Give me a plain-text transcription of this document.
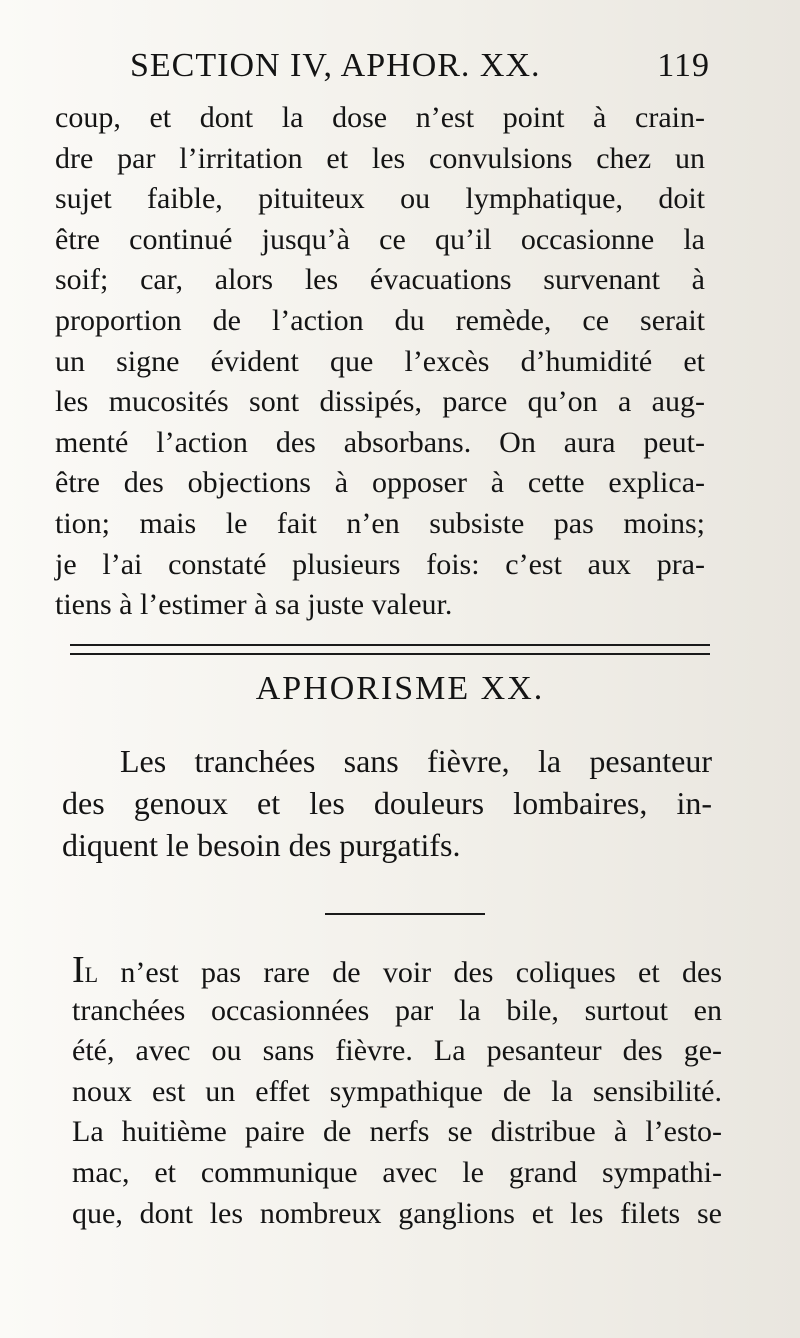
SECTION IV, APHOR. XX.	119
coup, et dont la dose n’est point à crain-
dre par l’irritation et les convulsions chez un
sujet faible, pituiteux ou lymphatique, doit
être continué jusqu’à ce qu’il occasionne la
soif; car, alors les évacuations survenant à
proportion de l’action du remède, ce serait
un signe évident que l’excès d’humidité et
les mucosités sont dissipés, parce qu’on a aug-
menté l’action des absorbans. On aura peut-
être des objections à opposer à cette explica-
tion; mais le fait n’en subsiste pas moins;
je l’ai constaté plusieurs fois: c’est aux pra-
tiens à l’estimer à sa juste valeur.
APHORISME XX.
Les tranchées sans fièvre, la pesanteur
des genoux et les douleurs lombaires, in-
diquent le besoin des purgatifs.
IL n’est pas rare de voir des coliques et des
tranchées occasionnées par la bile, surtout en
été, avec ou sans fièvre. La pesanteur des ge-
noux est un effet sympathique de la sensibilité.
La huitième paire de nerfs se distribue à l’esto-
mac, et communique avec le grand sympathi-
que, dont les nombreux ganglions et les filets se
